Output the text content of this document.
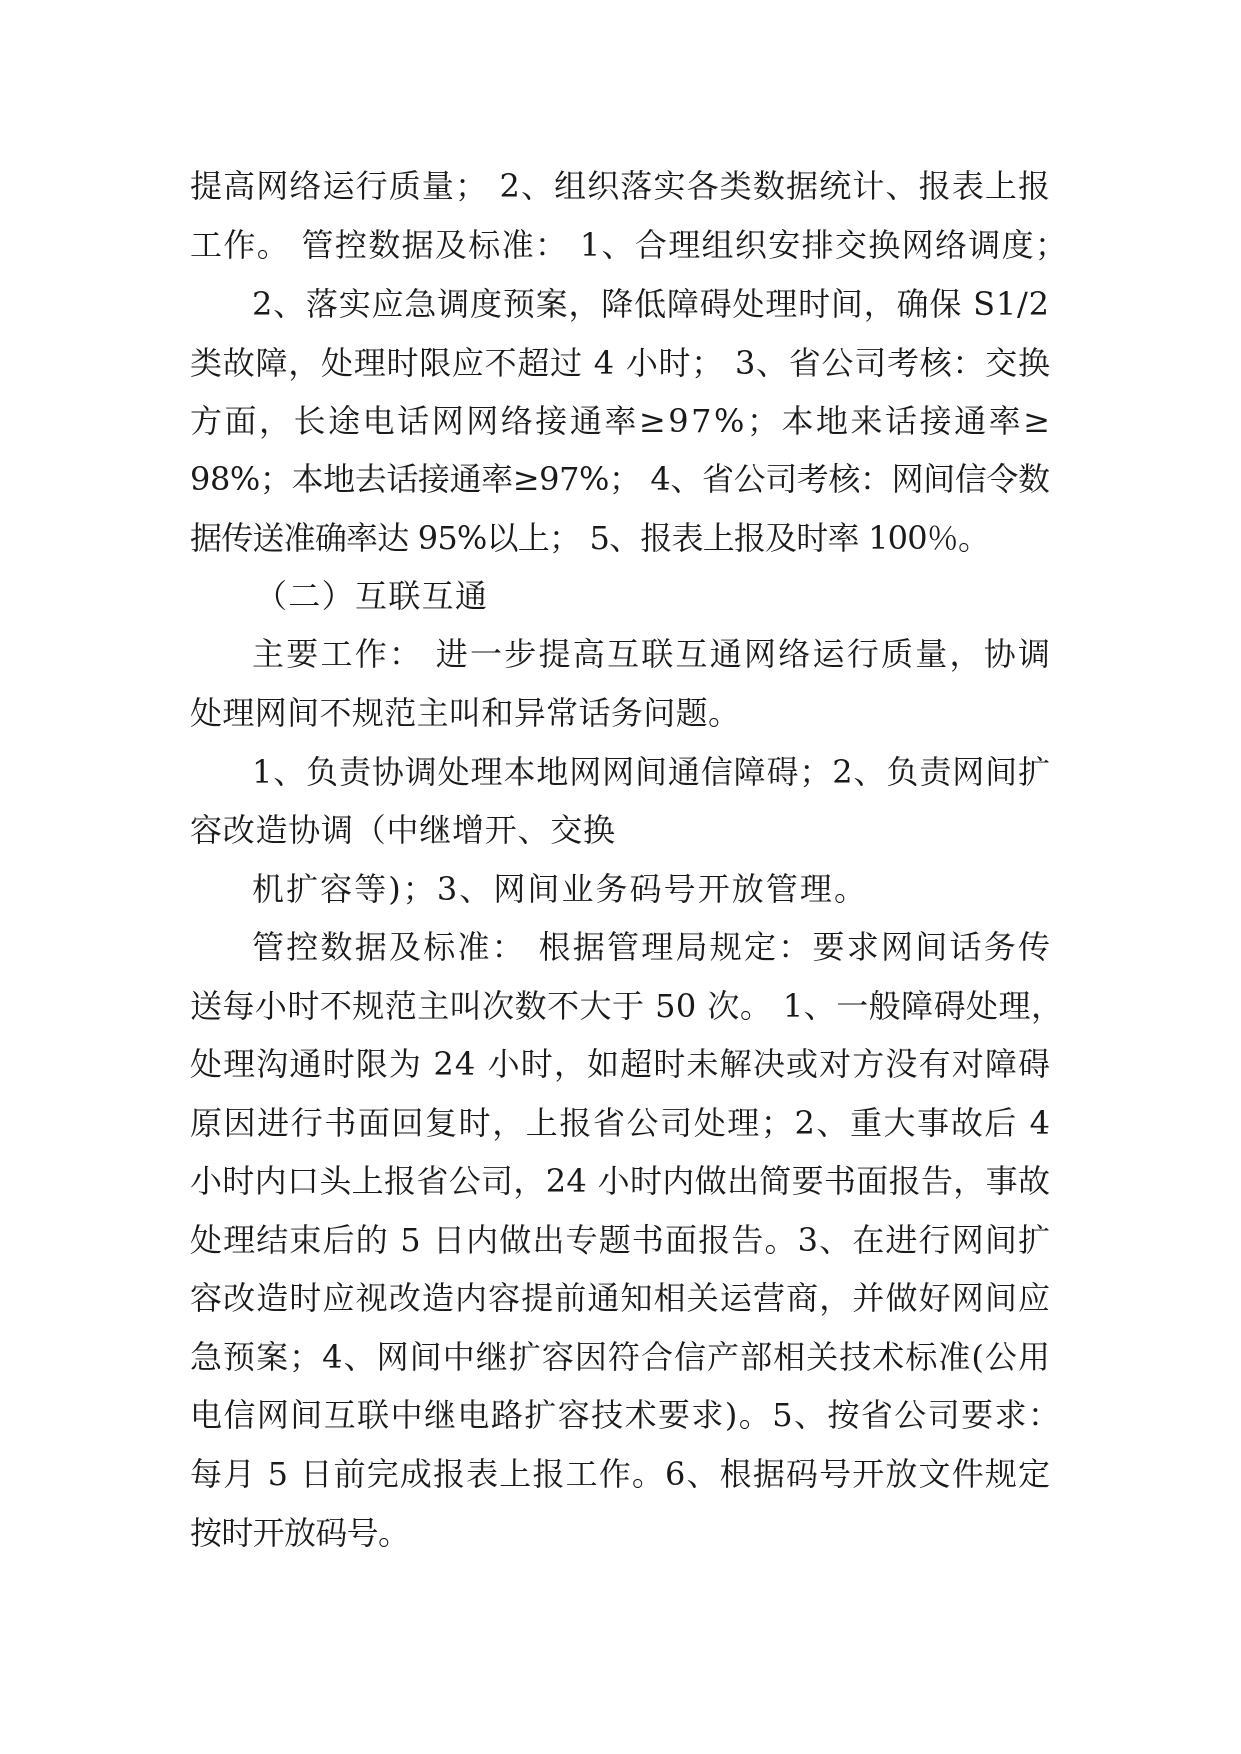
提高网络运行质量； 2、组织落实各类数据统计、报表上报

工作。 管控数据及标准： 1、合理组织安排交换网络调度；

2、落实应急调度预案，降低障碍处理时间，确保 S1/2

类故障，处理时限应不超过 4 小时； 3、省公司考核：交换

方面，长途电话网网络接通率≥97%；本地来话接通率≥

98%；本地去话接通率≥97%； 4、省公司考核：网间信令数

据传送准确率达 95%以上； 5、报表上报及时率 100％。

（二）互联互通

主要工作： 进一步提高互联互通网络运行质量，协调

处理网间不规范主叫和异常话务问题。

1、负责协调处理本地网网间通信障碍；2、负责网间扩

容改造协调（中继增开、交换

机扩容等)；3、网间业务码号开放管理。

管控数据及标准： 根据管理局规定：要求网间话务传

送每小时不规范主叫次数不大于 50 次。 1、一般障碍处理，

处理沟通时限为 24 小时，如超时未解决或对方没有对障碍

原因进行书面回复时，上报省公司处理；2、重大事故后 4

小时内口头上报省公司，24 小时内做出简要书面报告，事故

处理结束后的 5 日内做出专题书面报告。3、在进行网间扩

容改造时应视改造内容提前通知相关运营商，并做好网间应

急预案；4、网间中继扩容因符合信产部相关技术标准(公用

电信网间互联中继电路扩容技术要求)。5、按省公司要求：

每月 5 日前完成报表上报工作。6、根据码号开放文件规定

按时开放码号。
